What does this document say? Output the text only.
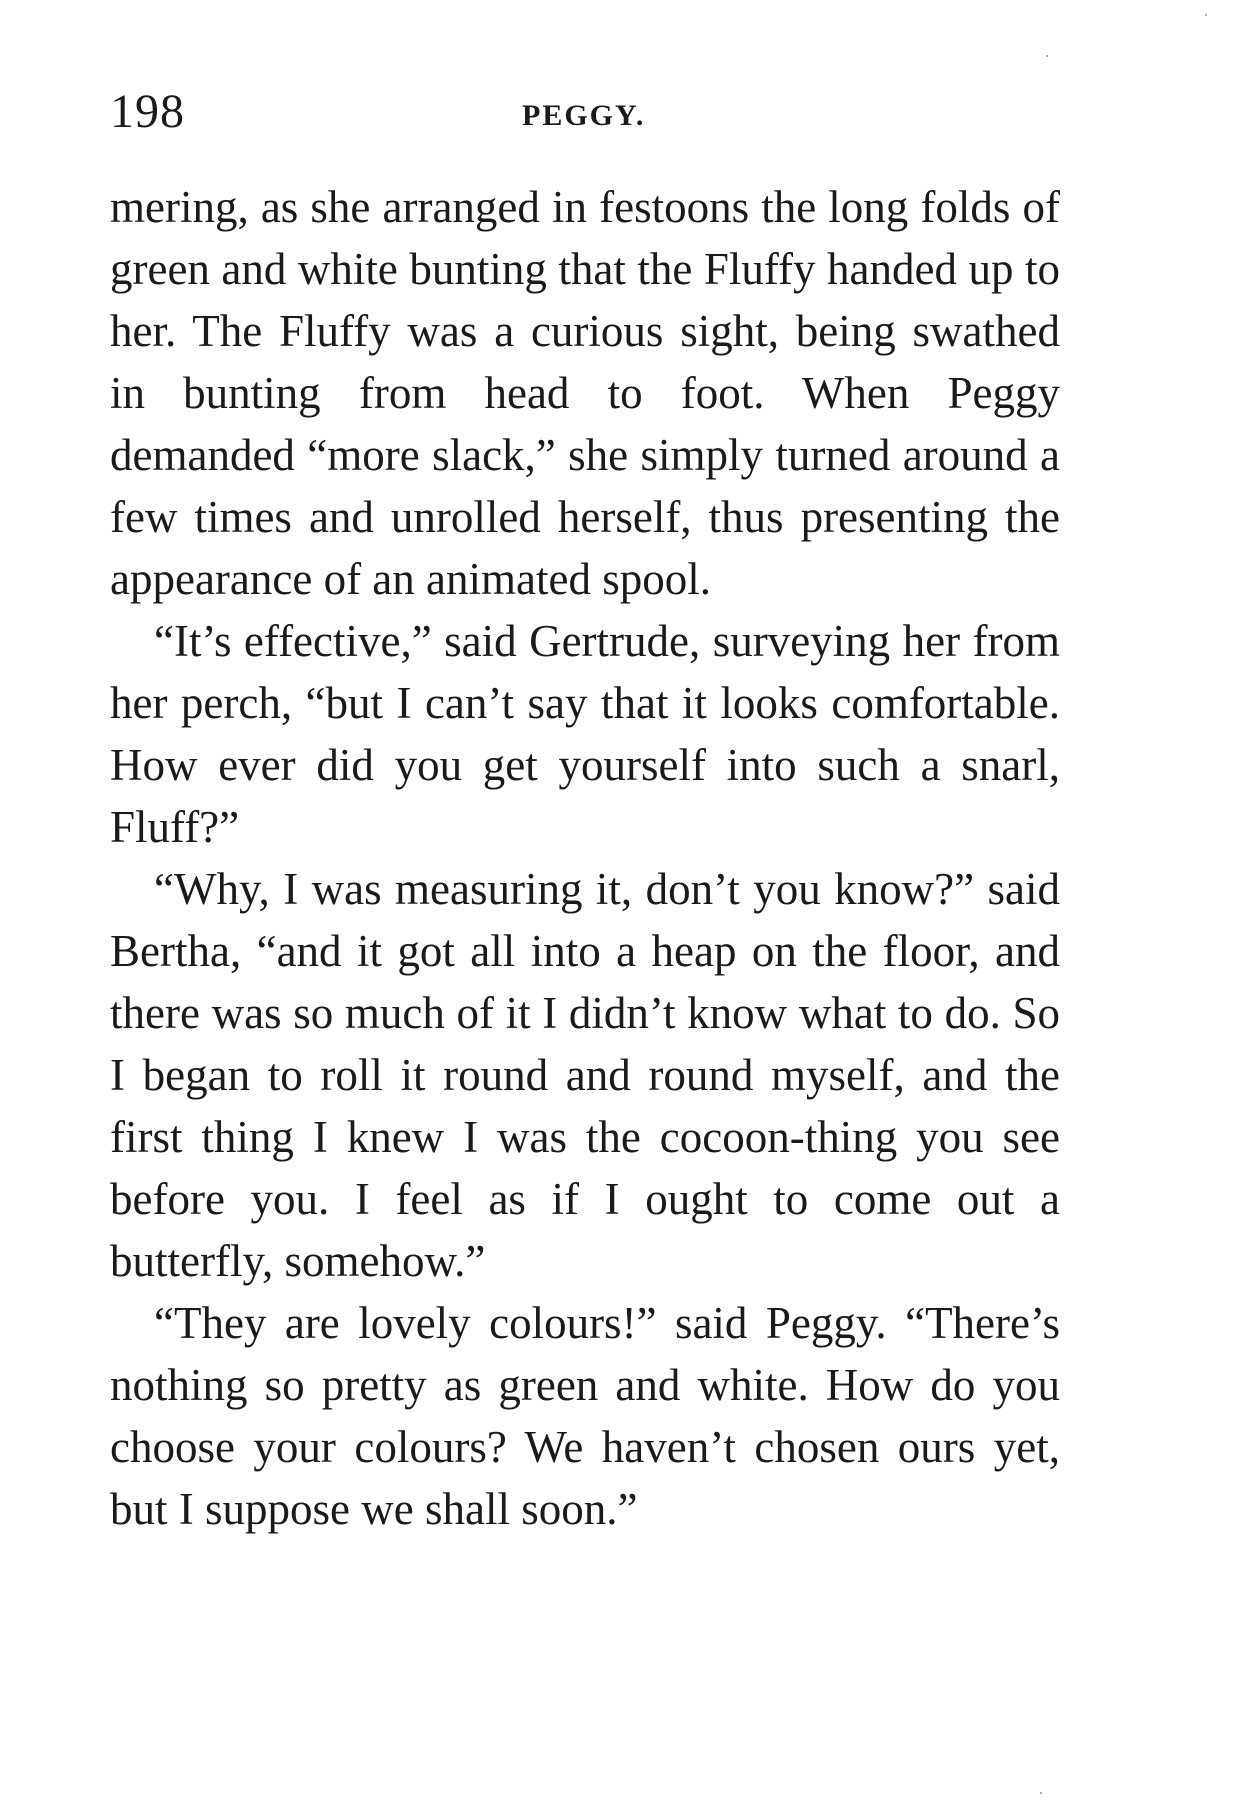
198	PEGGY.

mering, as she arranged in festoons the long folds of green and white bunting that the Fluffy handed up to her. The Fluffy was a curious sight, being swathed in bunting from head to foot. When Peggy demanded “more slack,” she simply turned around a few times and unrolled herself, thus presenting the appearance of an animated spool.

“It’s effective,” said Gertrude, surveying her from her perch, “but I can’t say that it looks comfortable. How ever did you get yourself into such a snarl, Fluff?”

“Why, I was measuring it, don’t you know?” said Bertha, “and it got all into a heap on the floor, and there was so much of it I didn’t know what to do. So I began to roll it round and round myself, and the first thing I knew I was the cocoon-thing you see before you. I feel as if I ought to come out a butterfly, somehow.”

“They are lovely colours!” said Peggy. “There’s nothing so pretty as green and white. How do you choose your colours? We haven’t chosen ours yet, but I suppose we shall soon.”
